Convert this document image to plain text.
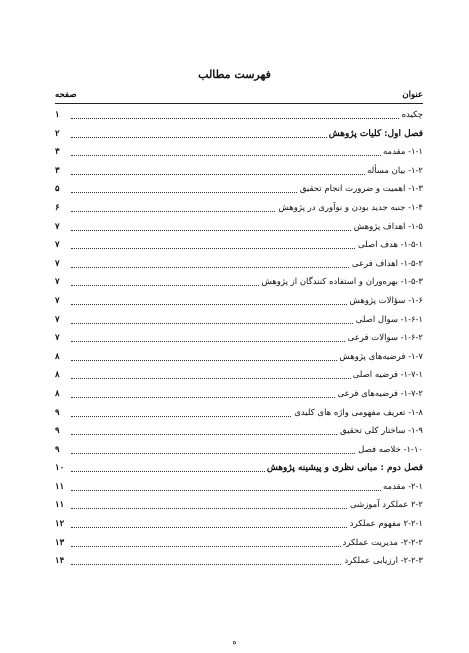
فهرست مطالب
عنوان
صفحه
چکیده
۱
فصل اول: کلیات پژوهش
۲
۱-۱- مقدمه
۳
۱-۲- بیان مسأله
۳
۱-۳- اهمیت و ضرورت انجام تحقیق
۵
۱-۴- جنبه جدید بودن و نوآوری در پژوهش
۶
۱-۵- اهداف پژوهش
۷
۱-۵-۱- هدف اصلی
۷
۱-۵-۲- اهداف فرعی
۷
۱-۵-۳- بهره‌وران و استفاده کنندگان از پژوهش
۷
۱-۶- سؤالات پژوهش
۷
۱-۶-۱- سوال اصلی
۷
۱-۶-۲- سوالات فرعی
۷
۱-۷- فرضیه‌های پژوهش
۸
۱-۷-۱- فرضیه اصلی
۸
۱-۷-۲- فرضیه‌های فرعی
۸
۱-۸- تعریف مفهومی واژه های کلیدی
۹
۱-۹- ساختار کلی تحقیق
۹
۱-۱۰- خلاصه فصل
۹
فصل دوم : مبانی نظری و پیشینه پژوهش
۱۰
۲-۱- مقدمه
۱۱
۲-۲ عملکرد آموزشی
۱۱
۲-۲-۱ مفهوم عملکرد
۱۲
۲-۲-۲- مدیریت عملکرد
۱۳
۲-۲-۳- ارزیابی عملکرد
۱۴
ه
